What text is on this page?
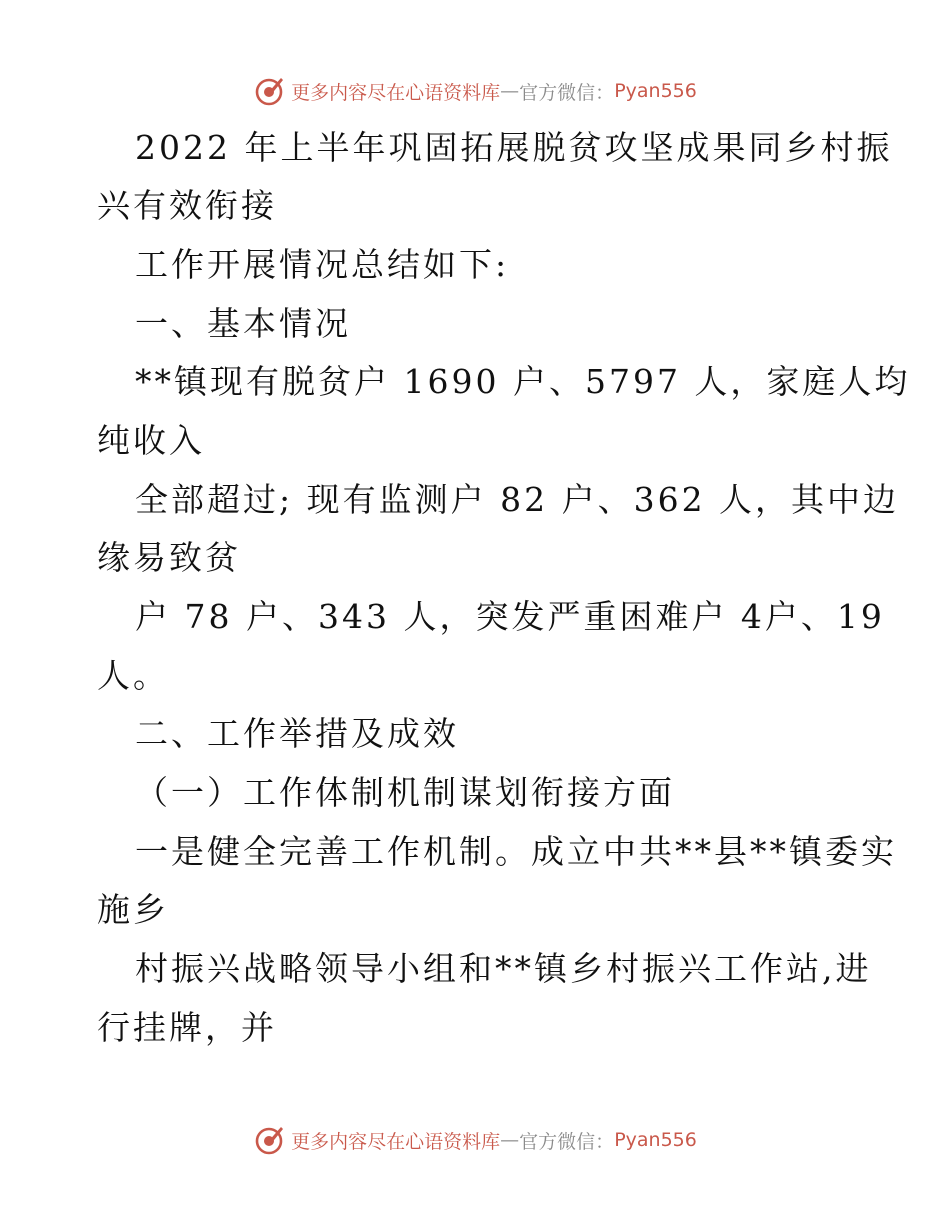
更多内容尽在心语资料库 — 官方微信： Pyan556
2022 年上半年巩固拓展脱贫攻坚成果同乡村振
兴有效衔接
工作开展情况总结如下:
一、基本情况
**镇现有脱贫户 1690 户、5797 人，家庭人均
纯收入
全部超过; 现有监测户 82 户、362 人，其中边
缘易致贫
户 78 户、343 人，突发严重困难户 4户、19
人。
二、工作举措及成效
（一）工作体制机制谋划衔接方面
一是健全完善工作机制。成立中共**县**镇委实
施乡
村振兴战略领导小组和**镇乡村振兴工作站,进
行挂牌，并
更多内容尽在心语资料库 — 官方微信： Pyan556
